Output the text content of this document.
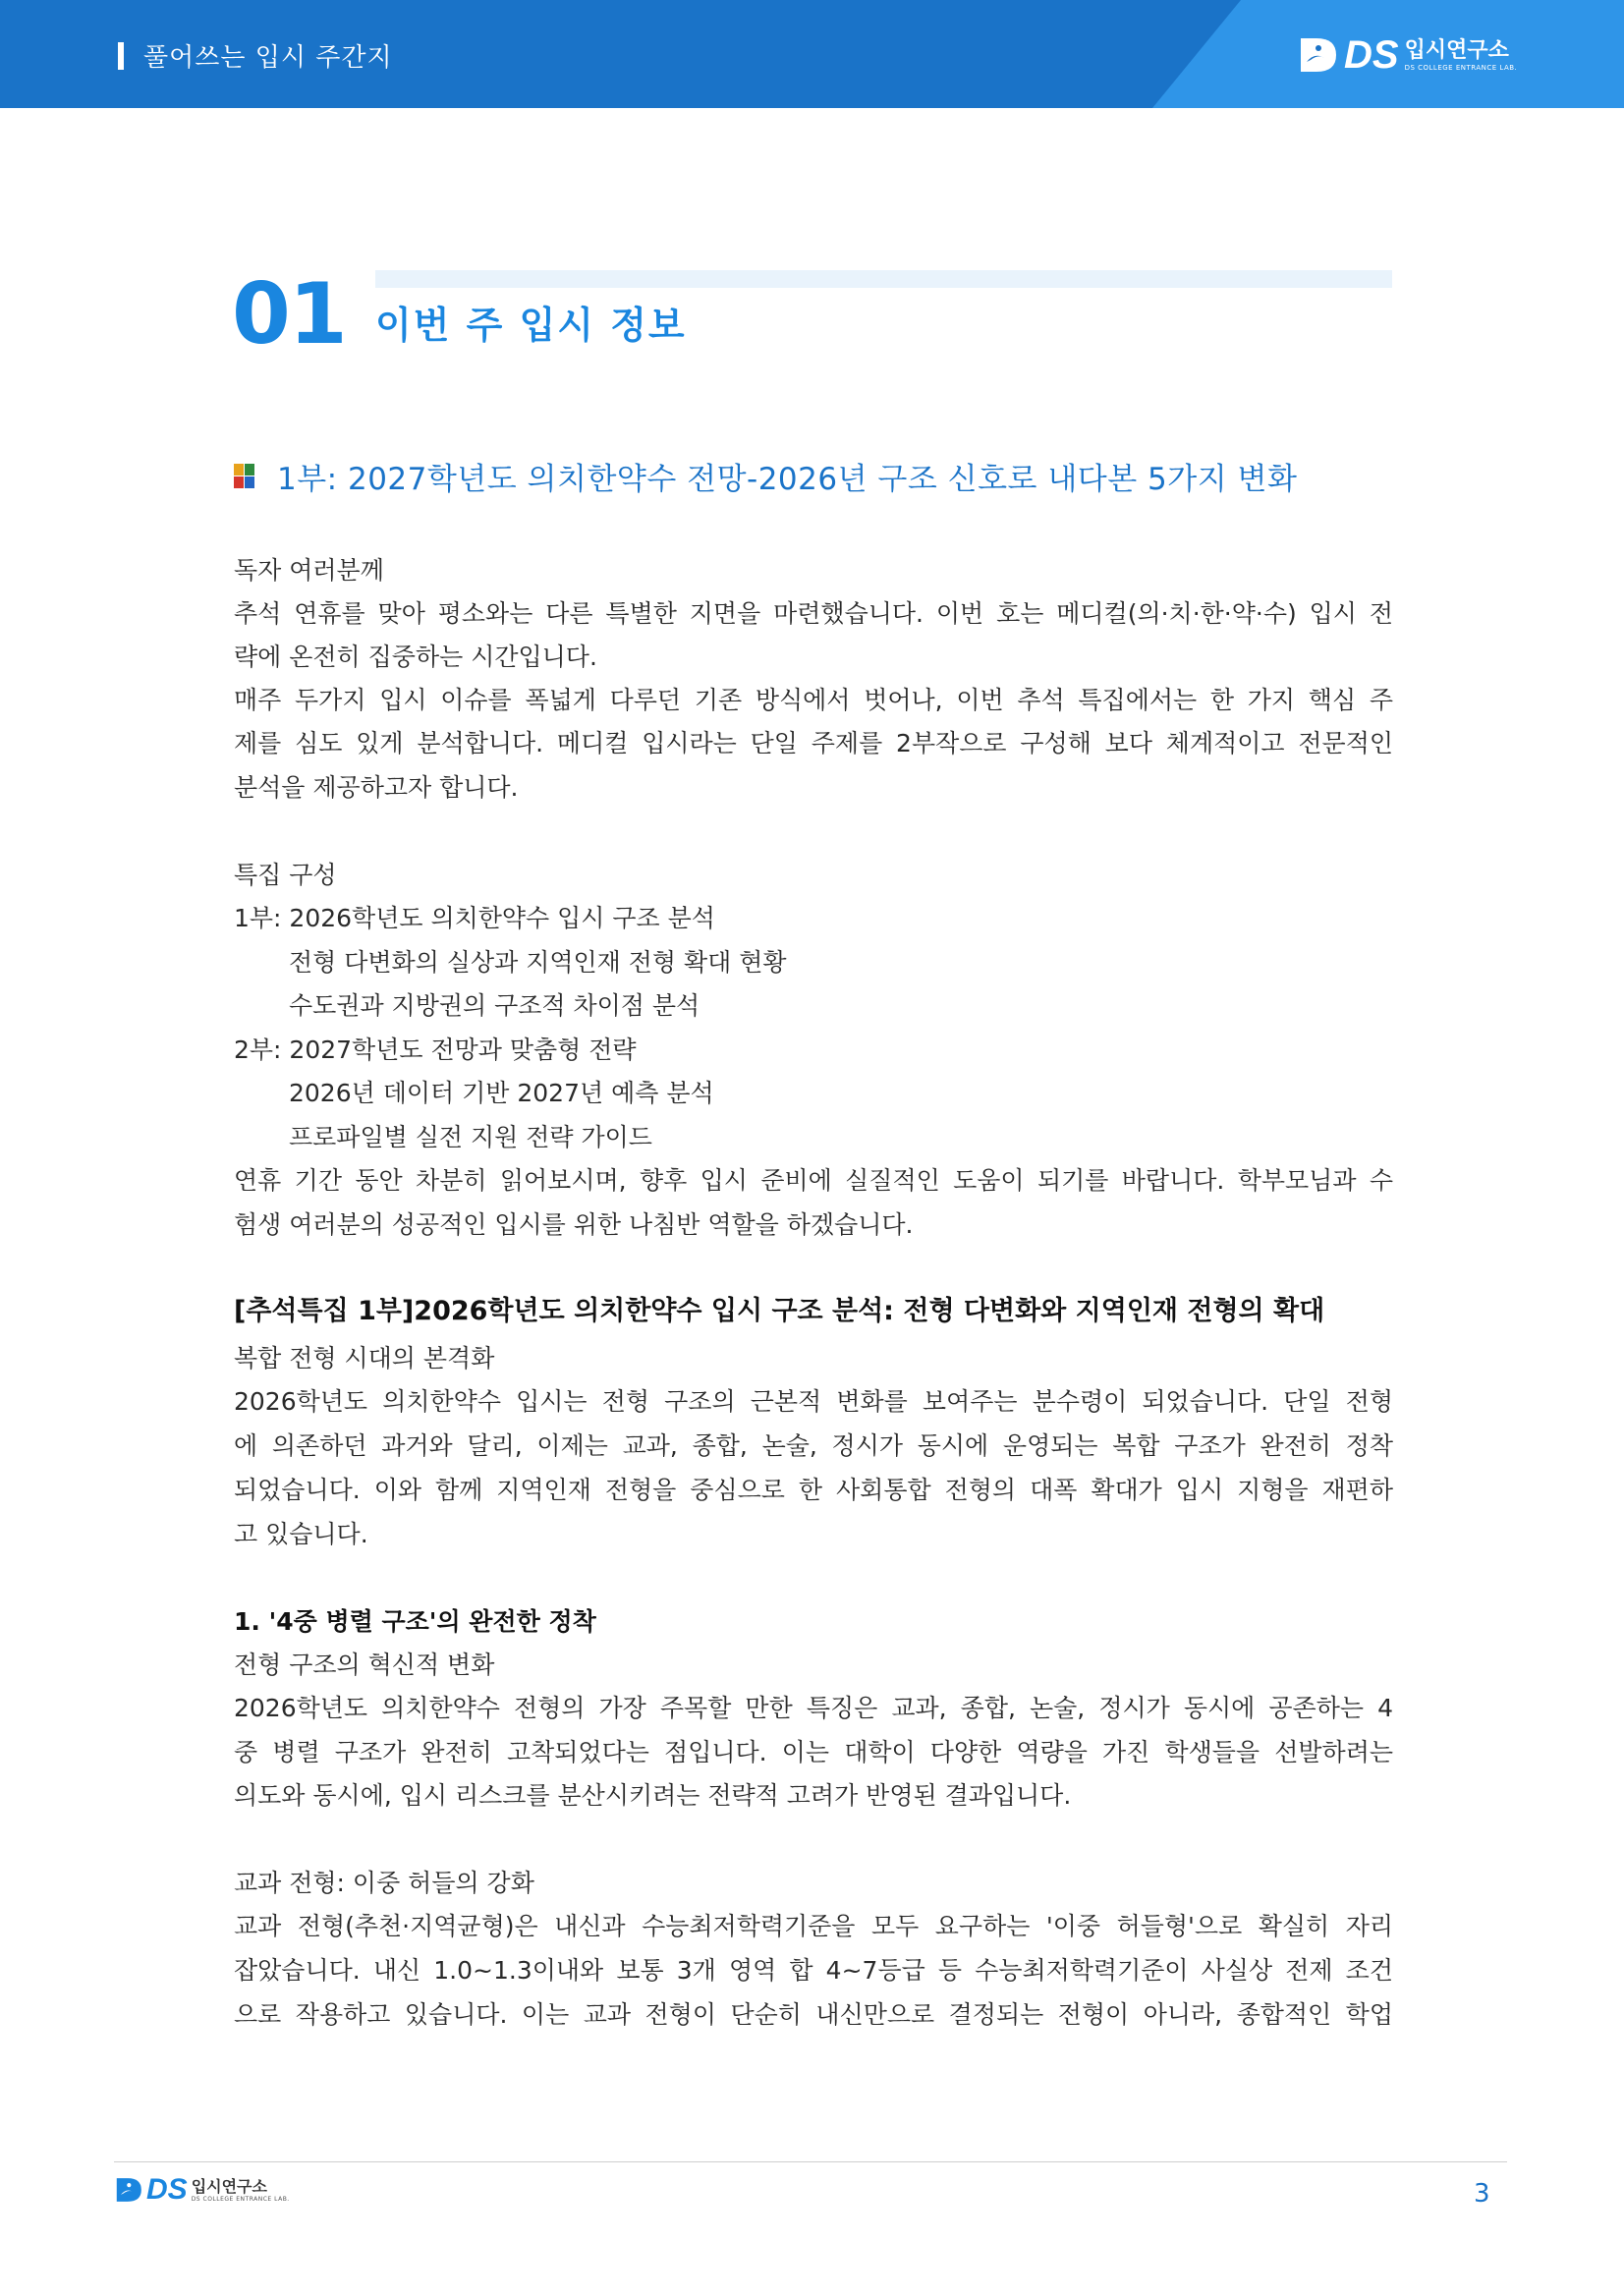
풀어쓰는 입시 주간지	DS 입시연구소
DS COLLEGE ENTRANCE LAB.
01 이번 주 입시 정보
1부: 2027학년도 의치한약수 전망-2026년 구조 신호로 내다본 5가지 변화
독자 여러분께
추석 연휴를 맞아 평소와는 다른 특별한 지면을 마련했습니다. 이번 호는 메디컬(의·치·한·약·수) 입시 전
략에 온전히 집중하는 시간입니다.
매주 두가지 입시 이슈를 폭넓게 다루던 기존 방식에서 벗어나, 이번 추석 특집에서는 한 가지 핵심 주
제를 심도 있게 분석합니다. 메디컬 입시라는 단일 주제를 2부작으로 구성해 보다 체계적이고 전문적인
분석을 제공하고자 합니다.
특집 구성
1부: 2026학년도 의치한약수 입시 구조 분석
전형 다변화의 실상과 지역인재 전형 확대 현황
수도권과 지방권의 구조적 차이점 분석
2부: 2027학년도 전망과 맞춤형 전략
2026년 데이터 기반 2027년 예측 분석
프로파일별 실전 지원 전략 가이드
연휴 기간 동안 차분히 읽어보시며, 향후 입시 준비에 실질적인 도움이 되기를 바랍니다. 학부모님과 수
험생 여러분의 성공적인 입시를 위한 나침반 역할을 하겠습니다.
[추석특집 1부]2026학년도 의치한약수 입시 구조 분석: 전형 다변화와 지역인재 전형의 확대
복합 전형 시대의 본격화
2026학년도 의치한약수 입시는 전형 구조의 근본적 변화를 보여주는 분수령이 되었습니다. 단일 전형
에 의존하던 과거와 달리, 이제는 교과, 종합, 논술, 정시가 동시에 운영되는 복합 구조가 완전히 정착
되었습니다. 이와 함께 지역인재 전형을 중심으로 한 사회통합 전형의 대폭 확대가 입시 지형을 재편하
고 있습니다.
1. '4중 병렬 구조'의 완전한 정착
전형 구조의 혁신적 변화
2026학년도 의치한약수 전형의 가장 주목할 만한 특징은 교과, 종합, 논술, 정시가 동시에 공존하는 4
중 병렬 구조가 완전히 고착되었다는 점입니다. 이는 대학이 다양한 역량을 가진 학생들을 선발하려는
의도와 동시에, 입시 리스크를 분산시키려는 전략적 고려가 반영된 결과입니다.
교과 전형: 이중 허들의 강화
교과 전형(추천·지역균형)은 내신과 수능최저학력기준을 모두 요구하는 '이중 허들형'으로 확실히 자리
잡았습니다. 내신 1.0~1.3이내와 보통 3개 영역 합 4~7등급 등 수능최저학력기준이 사실상 전제 조건
으로 작용하고 있습니다. 이는 교과 전형이 단순히 내신만으로 결정되는 전형이 아니라, 종합적인 학업
DS 입시연구소
DS COLLEGE ENTRANCE LAB.	3
